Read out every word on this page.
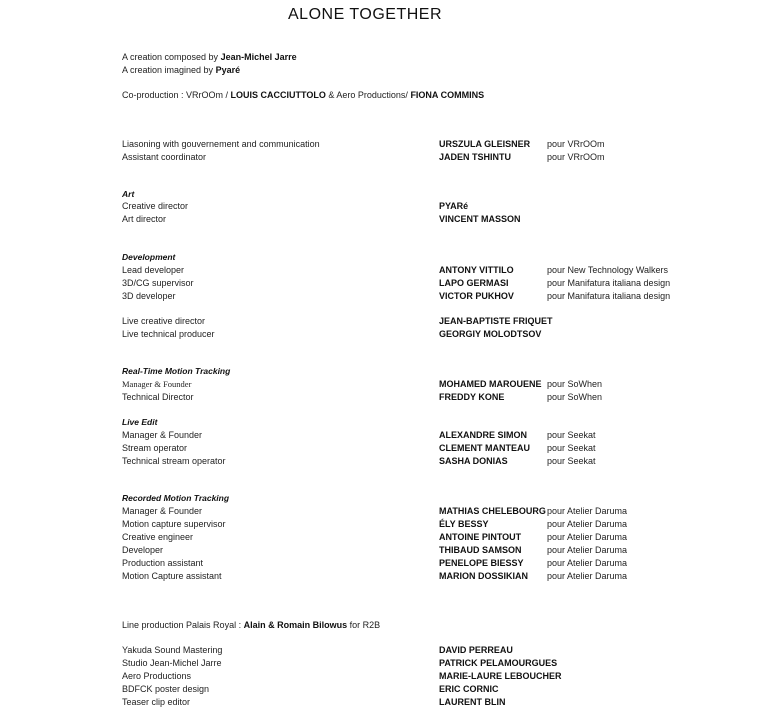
ALONE TOGETHER
A creation composed by Jean-Michel Jarre
A creation imagined by Pyaré
Co-production : VRrOOm / LOUIS CACCIUTTOLO & Aero Productions/ FIONA COMMINS
Liasoning with gouvernement and communication	URSZULA GLEISNER pour VRrOOm
Assistant coordinator	JADEN TSHINTU	pour VRrOOm
Art
Creative director	PYARé
Art director	VINCENT MASSON
Development
Lead developer	ANTONY VITTILO	pour New Technology Walkers
3D/CG supervisor	LAPO GERMASI	pour Manifatura italiana design
3D developer	VICTOR PUKHOV	pour Manifatura italiana design
Live creative director	JEAN-BAPTISTE FRIQUET
Live technical producer	GEORGIY MOLODTSOV
Real-Time Motion Tracking
Manager & Founder	MOHAMED MAROUENE pour SoWhen
Technical Director	FREDDY KONE	pour SoWhen
Live Edit
Manager & Founder	ALEXANDRE SIMON pour Seekat
Stream operator	CLEMENT MANTEAU pour Seekat
Technical stream operator	SASHA DONIAS	pour Seekat
Recorded Motion Tracking
Manager & Founder	MATHIAS CHELEBOURG pour Atelier Daruma
Motion capture supervisor	ÉLY BESSY	pour Atelier Daruma
Creative engineer	ANTOINE PINTOUT	pour Atelier Daruma
Developer	THIBAUD SAMSON	pour Atelier Daruma
Production assistant	PENELOPE BIESSY	pour Atelier Daruma
Motion Capture assistant	MARION DOSSIKIAN pour Atelier Daruma
Line production Palais Royal : Alain & Romain Bilowus for R2B
Yakuda Sound Mastering	DAVID PERREAU
Studio Jean-Michel Jarre	PATRICK PELAMOURGUES
Aero Productions	MARIE-LAURE LEBOUCHER
BDFCK poster design	ERIC CORNIC
Teaser clip editor	LAURENT BLIN
